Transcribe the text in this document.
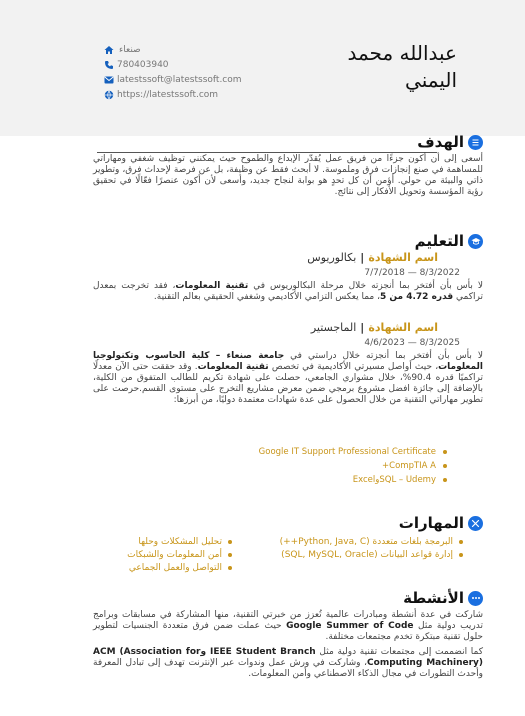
صنعاء
780403940
latestssoft@latestssoft.com
https://latestssoft.com
عبدالله محمد اليمني
الهدف

أسعى إلى أن أكون جزءًا من فريق عمل يُقدّر الإبداع والطموح حيث يمكنني توظيف شغفي ومهاراتي للمساهمة في صنع إنجازات فرق وملموسة. لا أبحث فقط عن وظيفة، بل عن فرصة لإحداث فرق، وتطوير ذاتي والبيئة من حولي. أؤمن أن كل تحدٍ هو بوابة لنجاح جديد، وأسعى لأن أكون عنصرًا فعّالًا في تحقيق رؤية المؤسسة وتحويل الأفكار إلى نتائج.

التعليم
اسم الشهادة|بكالوريوس
7/7/2018 — 8/3/2022

لا بأس بأن أفتخر بما أنجزته خلال مرحلة البكالوريوس في تقنية المعلومات، فقد تخرجت بمعدل تراكمي قدره 4.72 من 5، مما يعكس التزامي الأكاديمي وشغفي الحقيقي بعالم التقنية.

اسم الشهادة|الماجستير
4/6/2023 — 8/3/2025

لا بأس بأن أفتخر بما أنجزته خلال دراستي في جامعة صنعاء – كلية الحاسوب وتكنولوجيا المعلومات، حيث أواصل مسيرتي الأكاديمية في تخصص تقنية المعلومات. وقد حققت حتى الآن معدلًا تراكميًا قدره 90.4%، خلال مشواري الجامعي، حصلت على شهادة تكريم للطالب المتفوق من الكلية، بالإضافة إلى جائزة افضل مشروع برمجي ضمن معرض مشاريع التخرج على مستوى القسم.حرصت على تطوير مهاراتي التقنية من خلال الحصول على عدة شهادات معتمدة دوليًا، من أبرزها:

Google IT Support Professional Certificate
CompTIA A+
SQL – UdemyوExcel
المهارات
البرمجة بلغات متعددة (Python, Java, C++)
إدارة قواعد البيانات (SQL, MySQL, Oracle)
تحليل المشكلات وحلها
أمن المعلومات والشبكات
التواصل والعمل الجماعي
الأنشطة

شاركت في عدة أنشطة ومبادرات عالمية تُعزز من خبرتي التقنية، منها المشاركة في مسابقات وبرامج تدريب دولية مثل Google Summer of Code حيث عملت ضمن فرق متعددة الجنسيات لتطوير حلول تقنية مبتكرة تخدم مجتمعات مختلفة.

كما انضممت إلى مجتمعات تقنية دولية مثل IEEE Student Branch وACM (Association for Computing Machinery)، وشاركت في ورش عمل وندوات عبر الإنترنت تهدف إلى تبادل المعرفة وأحدث التطورات في مجال الذكاء الاصطناعي وأمن المعلومات.
